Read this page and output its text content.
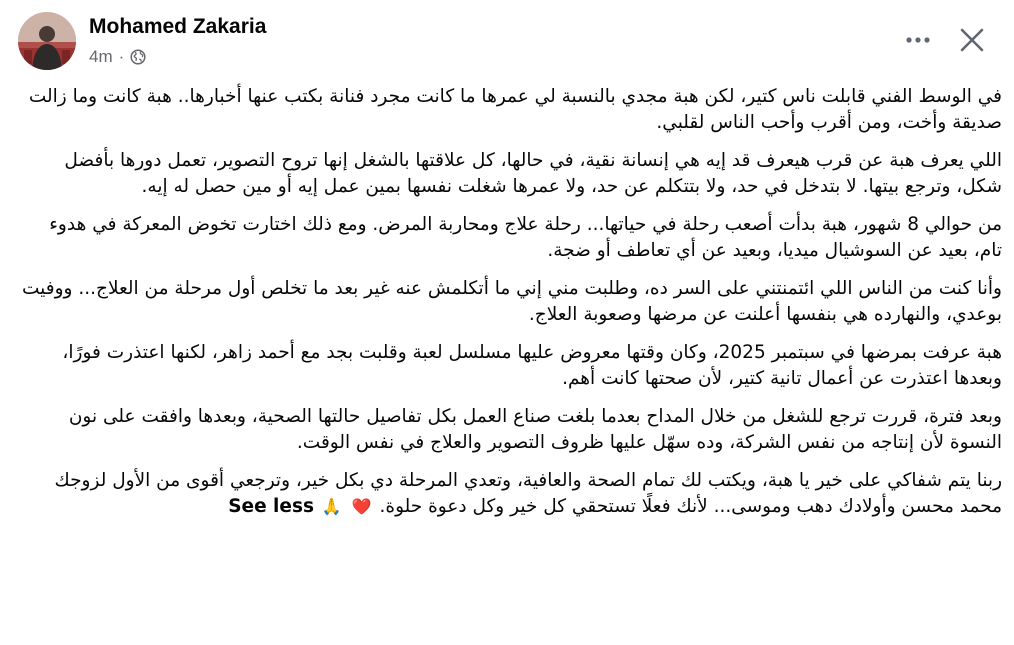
Mohamed Zakaria
4m ·

في الوسط الفني قابلت ناس كتير، لكن هبة مجدي بالنسبة لي عمرها ما كانت مجرد فنانة بكتب عنها أخبارها.. هبة كانت وما زالت صديقة وأخت، ومن أقرب وأحب الناس لقلبي.

اللي يعرف هبة عن قرب هيعرف قد إيه هي إنسانة نقية، في حالها، كل علاقتها بالشغل إنها تروح التصوير، تعمل دورها بأفضل شكل، وترجع بيتها. لا بتدخل في حد، ولا بتتكلم عن حد، ولا عمرها شغلت نفسها بمين عمل إيه أو مين حصل له إيه.

من حوالي 8 شهور، هبة بدأت أصعب رحلة في حياتها... رحلة علاج ومحاربة المرض. ومع ذلك اختارت تخوض المعركة في هدوء تام، بعيد عن السوشيال ميديا، وبعيد عن أي تعاطف أو ضجة.

وأنا كنت من الناس اللي ائتمنتني على السر ده، وطلبت مني إني ما أتكلمش عنه غير بعد ما تخلص أول مرحلة من العلاج... ووفيت بوعدي، والنهارده هي بنفسها أعلنت عن مرضها وصعوبة العلاج.

هبة عرفت بمرضها في سبتمبر 2025، وكان وقتها معروض عليها مسلسل لعبة وقلبت بجد مع أحمد زاهر، لكنها اعتذرت فورًا، وبعدها اعتذرت عن أعمال تانية كتير، لأن صحتها كانت أهم.

وبعد فترة، قررت ترجع للشغل من خلال المداح بعدما بلغت صناع العمل بكل تفاصيل حالتها الصحية، وبعدها وافقت على نون النسوة لأن إنتاجه من نفس الشركة، وده سهّل عليها ظروف التصوير والعلاج في نفس الوقت.

ربنا يتم شفاكي على خير يا هبة، ويكتب لك تمام الصحة والعافية، وتعدي المرحلة دي بكل خير، وترجعي أقوى من الأول لزوجك محمد محسن وأولادك دهب وموسى... لأنك فعلًا تستحقي كل خير وكل دعوة حلوة. ❤️ 🙏 See less
